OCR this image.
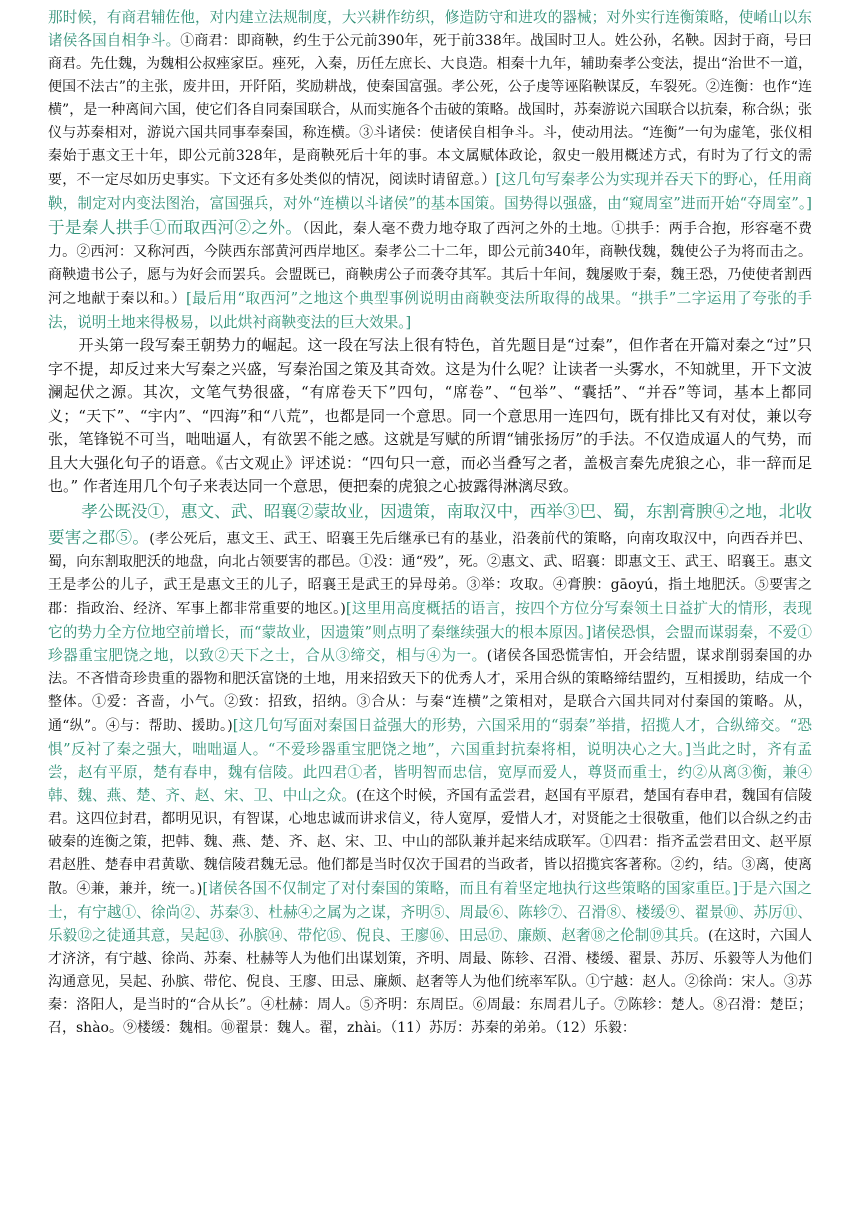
那时候，有商君辅佐他，对内建立法规制度，大兴耕作纺织，修造防守和进攻的器械；对外实行连衡策略，使崤山以东诸侯各国自相争斗。①商君：即商鞅，约生于公元前390年，死于前338年。战国时卫人。姓公孙，名鞅。因封于商，号曰商君。先仕魏，为魏相公叔痤家臣。痤死，入秦，历任左庶长、大良造。相秦十九年，辅助秦孝公变法，提出“治世不一道，便国不法古”的主张，废井田，开阡陌，奖励耕战，使秦国富强。孝公死，公子虔等诬陷鞅谋反，车裂死。②连衡：也作“连横”，是一种离间六国，使它们各自同秦国联合，从而实施各个击破的策略。战国时，苏秦游说六国联合以抗秦，称合纵；张仪与苏秦相对，游说六国共同事奉秦国，称连横。③斗诸侯：使诸侯自相争斗。斗，使动用法。“连衡”一句为虚笔，张仪相秦始于惠文王十年，即公元前328年，是商鞅死后十年的事。本文属赋体政论，叙史一般用概述方式，有时为了行文的需要，不一定尽如历史事实。下文还有多处类似的情况，阅读时请留意。）[这几句写秦孝公为实现并吞天下的野心，任用商鞅，制定对内变法图治，富国强兵，对外“连横以斗诸侯”的基本国策。国势得以强盛，由“窥周室”进而开始“夺周室”。]于是秦人拱手①而取西河②之外。（因此，秦人毫不费力地夺取了西河之外的土地。①拱手：两手合抱，形容毫不费力。②西河：又称河西，今陕西东部黄河西岸地区。秦孝公二十二年，即公元前340年，商鞅伐魏，魏使公子为将而击之。商鞅遗书公子，愿与为好会而罢兵。会盟既已，商鞅虏公子而袭夺其军。其后十年间，魏屡败于秦，魏王恐，乃使使者割西河之地献于秦以和。）[最后用“取西河”之地这个典型事例说明由商鞅变法所取得的战果。“拱手”二字运用了夸张的手法，说明土地来得极易，以此烘衬商鞅变法的巨大效果。]

　　开头第一段写秦王朝势力的崛起。这一段在写法上很有特色，首先题目是“过秦”，但作者在开篇对秦之“过”只字不提，却反过来大写秦之兴盛，写秦治国之策及其奇效。这是为什么呢？让读者一头雾水，不知就里，开下文波澜起伏之源。其次，文笔气势很盛，“有席卷天下”四句，“席卷”、“包举”、“囊括”、“并吞”等词，基本上都同义；“天下”、“宇内”、“四海”和“八荒”，也都是同一个意思。同一个意思用一连四句，既有排比又有对仗，兼以夸张，笔锋锐不可当，咄咄逼人，有欲罢不能之感。这就是写赋的所谓“铺张扬厉”的手法。不仅造成逼人的气势，而且大大强化句子的语意。《古文观止》评述说：“四句只一意，而必当叠写之者，盖极言秦先虎狼之心，非一辞而足也。” 作者连用几个句子来表达同一个意思，便把秦的虎狼之心披露得淋漓尽致。

　　孝公既没①，惠文、武、昭襄②蒙故业，因遗策，南取汉中，西举③巴、蜀，东割膏腴④之地，北收要害之郡⑤。(孝公死后，惠文王、武王、昭襄王先后继承已有的基业，沿袭前代的策略，向南攻取汉中，向西吞并巴、蜀，向东割取肥沃的地盘，向北占领要害的郡邑。①没：通“殁”，死。②惠文、武、昭襄：即惠文王、武王、昭襄王。惠文王是孝公的儿子，武王是惠文王的儿子，昭襄王是武王的异母弟。③举：攻取。④膏腴：gāoyú，指土地肥沃。⑤要害之郡：指政治、经济、军事上都非常重要的地区。)[这里用高度概括的语言，按四个方位分写秦领土日益扩大的情形，表现它的势力全方位地空前增长，而“蒙故业，因遗策”则点明了秦继续强大的根本原因。]诸侯恐惧，会盟而谋弱秦，不爱①珍器重宝肥饶之地，以致②天下之士，合从③缔交，相与④为一。(诸侯各国恐慌害怕，开会结盟，谋求削弱秦国的办法。不吝惜奇珍贵重的器物和肥沃富饶的土地，用来招致天下的优秀人才，采用合纵的策略缔结盟约，互相援助，结成一个整体。①爱：吝啬，小气。②致：招致，招纳。③合从：与秦“连横”之策相对，是联合六国共同对付秦国的策略。从，通“纵”。④与：帮助、援助。)[这几句写面对秦国日益强大的形势，六国采用的“弱秦”举措，招揽人才，合纵缔交。“恐惧”反衬了秦之强大，咄咄逼人。“不爱珍器重宝肥饶之地”，六国重封抗秦将相，说明决心之大。]当此之时，齐有孟尝，赵有平原，楚有春申，魏有信陵。此四君①者，皆明智而忠信，宽厚而爱人，尊贤而重士，约②从离③衡，兼④韩、魏、燕、楚、齐、赵、宋、卫、中山之众。(在这个时候，齐国有孟尝君，赵国有平原君，楚国有春申君，魏国有信陵君。这四位封君，都明见识，有智谋，心地忠诚而讲求信义，待人宽厚，爱惜人才，对贤能之士很敬重，他们以合纵之约击破秦的连衡之策，把韩、魏、燕、楚、齐、赵、宋、卫、中山的部队兼并起来结成联军。①四君：指齐孟尝君田文、赵平原君赵胜、楚春申君黄歇、魏信陵君魏无忌。他们都是当时仅次于国君的当政者，皆以招揽宾客著称。②约，结。③离，使离散。④兼，兼并，统一。)[诸侯各国不仅制定了对付秦国的策略，而且有着坚定地执行这些策略的国家重臣。]于是六国之士，有宁越①、徐尚②、苏秦③、杜赫④之属为之谋，齐明⑤、周最⑥、陈轸⑦、召滑⑧、楼缓⑨、翟景⑩、苏厉⑪、乐毅⑫之徒通其意，吴起⑬、孙膑⑭、带佗⑮、倪良、王廖⑯、田忌⑰、廉颇、赵奢⑱之伦制⑲其兵。(在这时，六国人才济济，有宁越、徐尚、苏秦、杜赫等人为他们出谋划策，齐明、周最、陈轸、召滑、楼缓、翟景、苏厉、乐毅等人为他们沟通意见，吴起、孙膑、带佗、倪良、王廖、田忌、廉颇、赵奢等人为他们统率军队。①宁越：赵人。②徐尚：宋人。③苏秦：洛阳人，是当时的“合从长”。④杜赫：周人。⑤齐明：东周臣。⑥周最：东周君儿子。⑦陈轸：楚人。⑧召滑：楚臣；召，shào。⑨楼缓：魏相。⑩翟景：魏人。翟，zhài。（11）苏厉：苏秦的弟弟。（12）乐毅：
